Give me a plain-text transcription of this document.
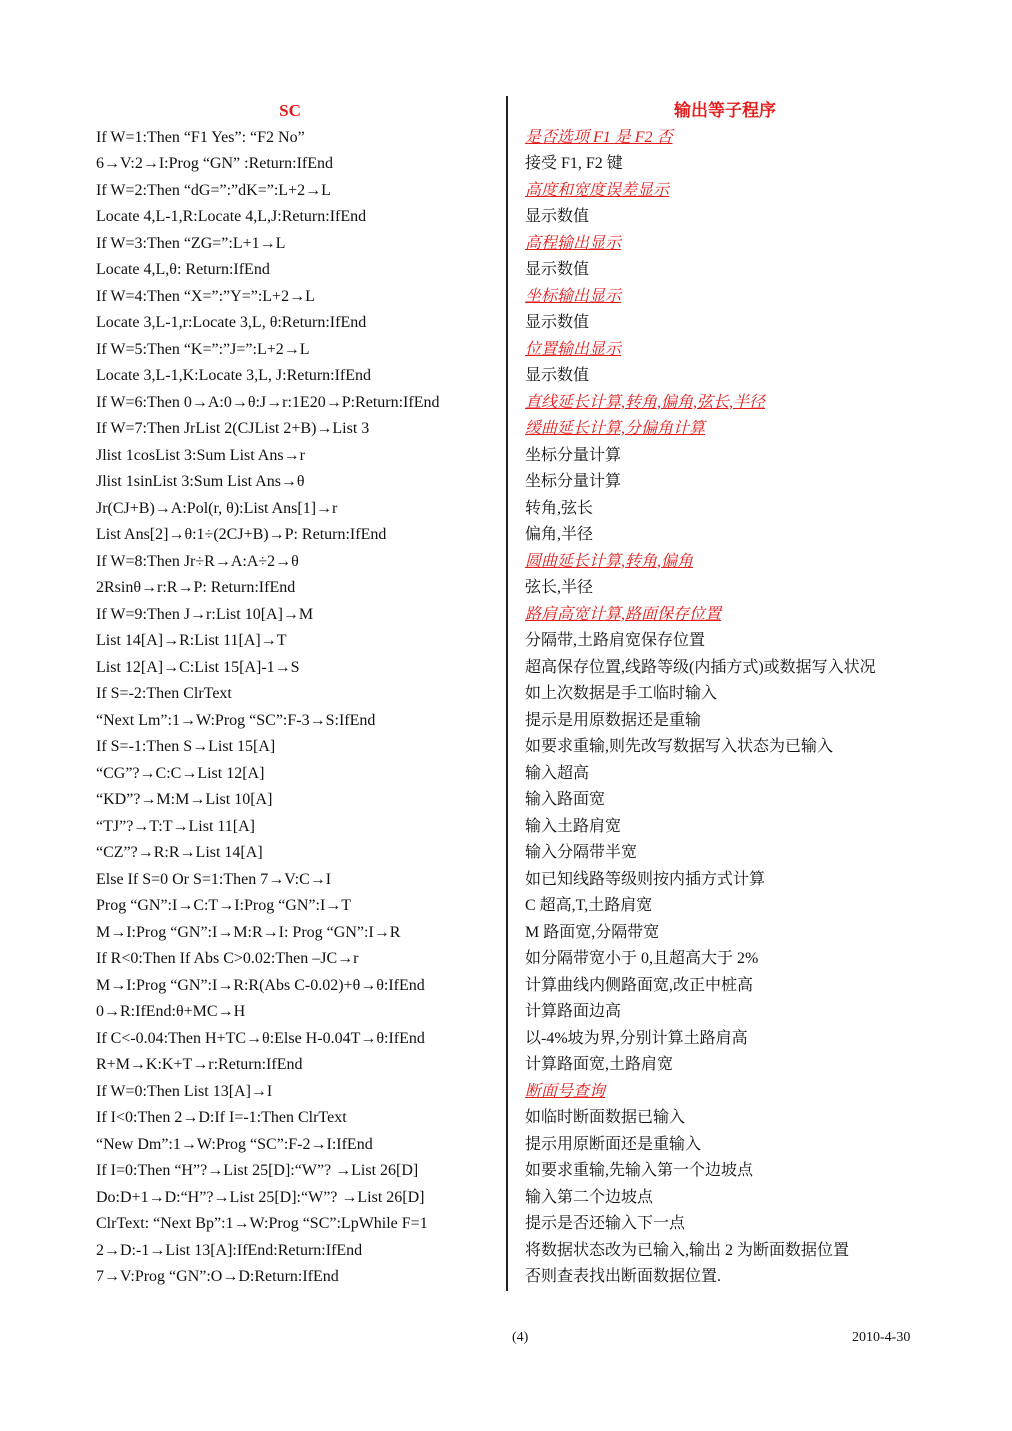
SC
If W=1:Then “F1 Yes”: “F2 No”
6→V:2→I:Prog “GN” :Return:IfEnd
If W=2:Then “dG=”:”dK=”:L+2→L
Locate 4,L-1,R:Locate 4,L,J:Return:IfEnd
If W=3:Then “ZG=”:L+1→L
Locate 4,L,θ: Return:IfEnd
If W=4:Then “X=”:”Y=”:L+2→L
Locate 3,L-1,r:Locate 3,L, θ:Return:IfEnd
If W=5:Then “K=”:”J=”:L+2→L
Locate 3,L-1,K:Locate 3,L, J:Return:IfEnd
If W=6:Then 0→A:0→θ:J→r:1E20→P:Return:IfEnd
If W=7:Then JrList 2(CJList 2+B)→List 3
Jlist 1cosList 3:Sum List Ans→r
Jlist 1sinList 3:Sum List Ans→θ
Jr(CJ+B)→A:Pol(r, θ):List Ans[1]→r
List Ans[2]→θ:1÷(2CJ+B)→P: Return:IfEnd
If W=8:Then Jr÷R→A:A÷2→θ
2Rsinθ→r:R→P: Return:IfEnd
If W=9:Then J→r:List 10[A]→M
List 14[A]→R:List 11[A]→T
List 12[A]→C:List 15[A]-1→S
If S=-2:Then ClrText
“Next Lm”:1→W:Prog “SC”:F-3→S:IfEnd
If S=-1:Then S→List 15[A]
“CG”?→C:C→List 12[A]
“KD”?→M:M→List 10[A]
“TJ”?→T:T→List 11[A]
“CZ”?→R:R→List 14[A]
Else If S=0 Or S=1:Then 7→V:C→I
Prog “GN”:I→C:T→I:Prog “GN”:I→T
M→I:Prog “GN”:I→M:R→I: Prog “GN”:I→R
If R<0:Then If Abs C>0.02:Then –JC→r
M→I:Prog “GN”:I→R:R(Abs C-0.02)+θ→θ:IfEnd
0→R:IfEnd:θ+MC→H
If C<-0.04:Then H+TC→θ:Else H-0.04T→θ:IfEnd
R+M→K:K+T→r:Return:IfEnd
If W=0:Then List 13[A]→I
If I<0:Then 2→D:If I=-1:Then ClrText
“New Dm”:1→W:Prog “SC”:F-2→I:IfEnd
If I=0:Then “H”?→List 25[D]:“W”? →List 26[D]
Do:D+1→D:“H”?→List 25[D]:“W”? →List 26[D]
ClrText: “Next Bp”:1→W:Prog “SC”:LpWhile F=1
2→D:-1→List 13[A]:IfEnd:Return:IfEnd
7→V:Prog “GN”:O→D:Return:IfEnd
输出等子程序
是否选项 F1 是 F2 否
接受 F1, F2 键
高度和宽度误差显示
显示数值
高程输出显示
显示数值
坐标输出显示
显示数值
位置输出显示
显示数值
直线延长计算,转角,偏角,弦长,半径
缓曲延长计算,分偏角计算
坐标分量计算
坐标分量计算
转角,弦长
偏角,半径
圆曲延长计算,转角,偏角
弦长,半径
路肩高宽计算,路面保存位置
分隔带,土路肩宽保存位置
超高保存位置,线路等级(内插方式)或数据写入状况
如上次数据是手工临时输入
提示是用原数据还是重输
如要求重输,则先改写数据写入状态为已输入
输入超高
输入路面宽
输入土路肩宽
输入分隔带半宽
如已知线路等级则按内插方式计算
C 超高,T,土路肩宽
M 路面宽,分隔带宽
如分隔带宽小于 0,且超高大于 2%
计算曲线内侧路面宽,改正中桩高
计算路面边高
以-4%坡为界,分别计算土路肩高
计算路面宽,土路肩宽
断面号查询
如临时断面数据已输入
提示用原断面还是重输入
如要求重输,先输入第一个边坡点
输入第二个边坡点
提示是否还输入下一点
将数据状态改为已输入,输出 2 为断面数据位置
否则查表找出断面数据位置.
(4)	2010-4-30
